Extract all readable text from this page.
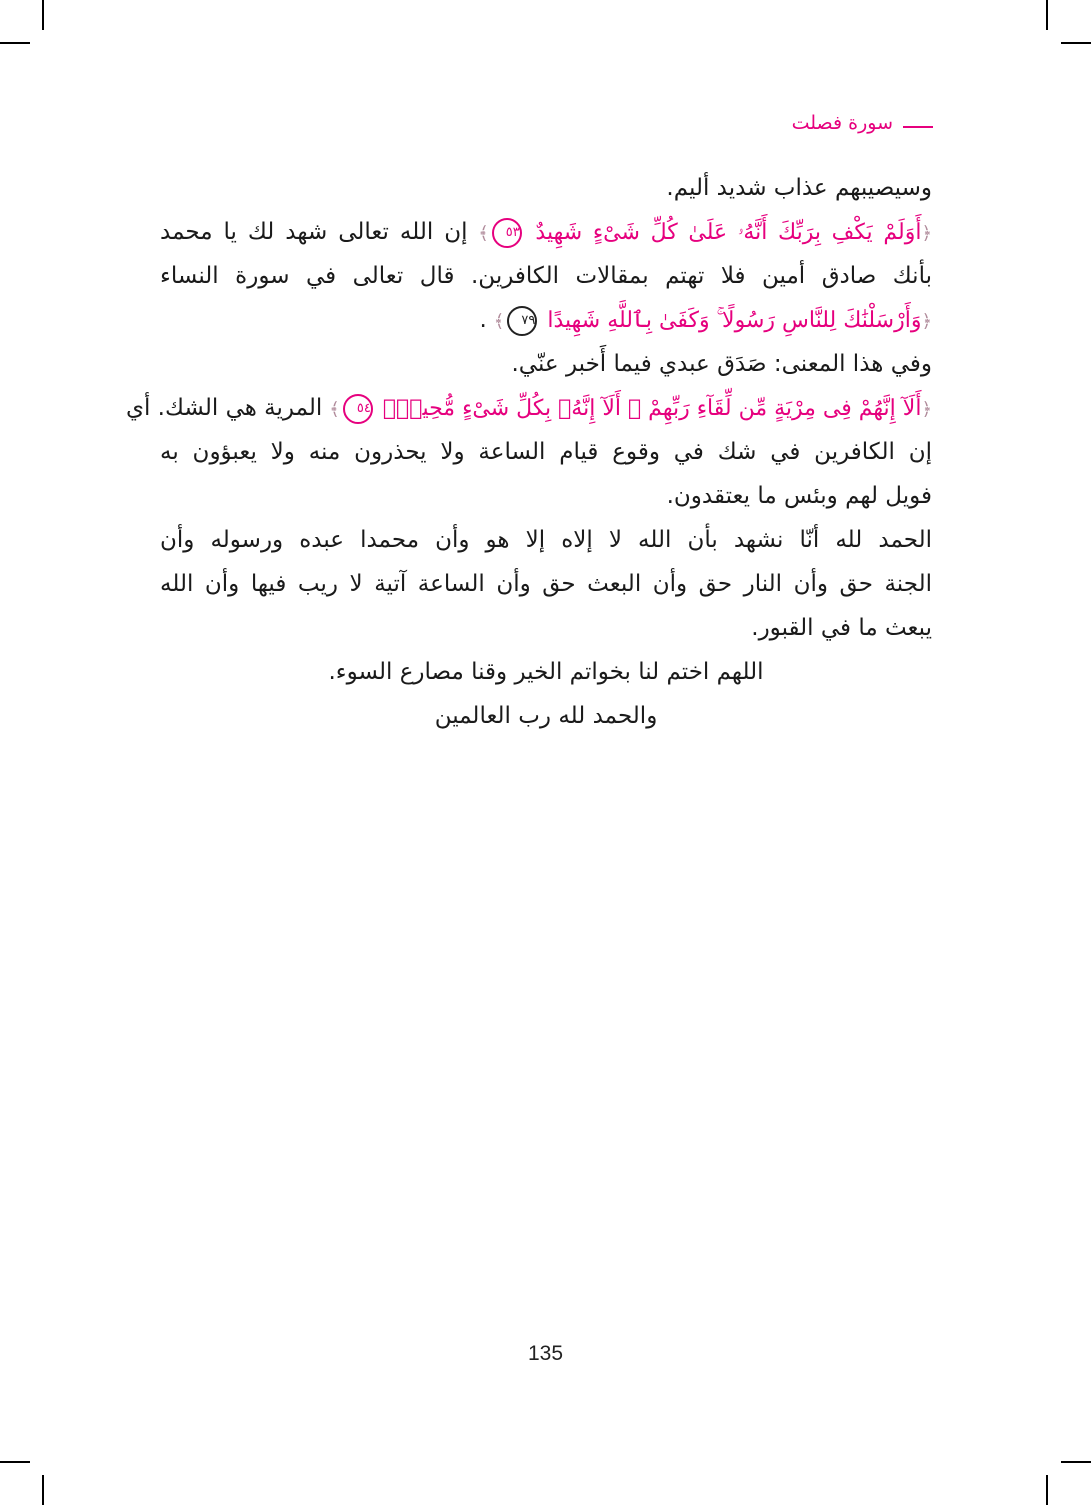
سورة فصلت
وسيصيبهم عذاب شديد أليم.
﴿أَوَلَمْ يَكْفِ بِرَبِّكَ أَنَّهُۥ عَلَىٰ كُلِّ شَىْءٍ شَهِيدٌ ٥٣﴾ إن الله تعالى شهد لك يا محمد
بأنك صادق أمين فلا تهتم بمقالات الكافرين. قال تعالى في سورة النساء
﴿وَأَرْسَلْنَٰكَ لِلنَّاسِ رَسُولًا ۚ وَكَفَىٰ بِٱللَّهِ شَهِيدًا ٧٩﴾ .
وفي هذا المعنى: صَدَق عبدي فيما أَخبر عنّي.
﴿أَلَآ إِنَّهُمْ فِى مِرْيَةٍ مِّن لِّقَآءِ رَبِّهِمْ ۗ أَلَآ إِنَّهُۥ بِكُلِّ شَىْءٍ مُّحِيطٌۢ ٥٤﴾ المرية هي الشك. أي
إن الكافرين في شك في وقوع قيام الساعة ولا يحذرون منه ولا يعبؤون به
فويل لهم وبئس ما يعتقدون.
الحمد لله أنّا نشهد بأن الله لا إلاه إلا هو وأن محمدا عبده ورسوله وأن
الجنة حق وأن النار حق وأن البعث حق وأن الساعة آتية لا ريب فيها وأن الله
يبعث ما في القبور.
اللهم اختم لنا بخواتم الخير وقنا مصارع السوء.
والحمد لله رب العالمين
135
